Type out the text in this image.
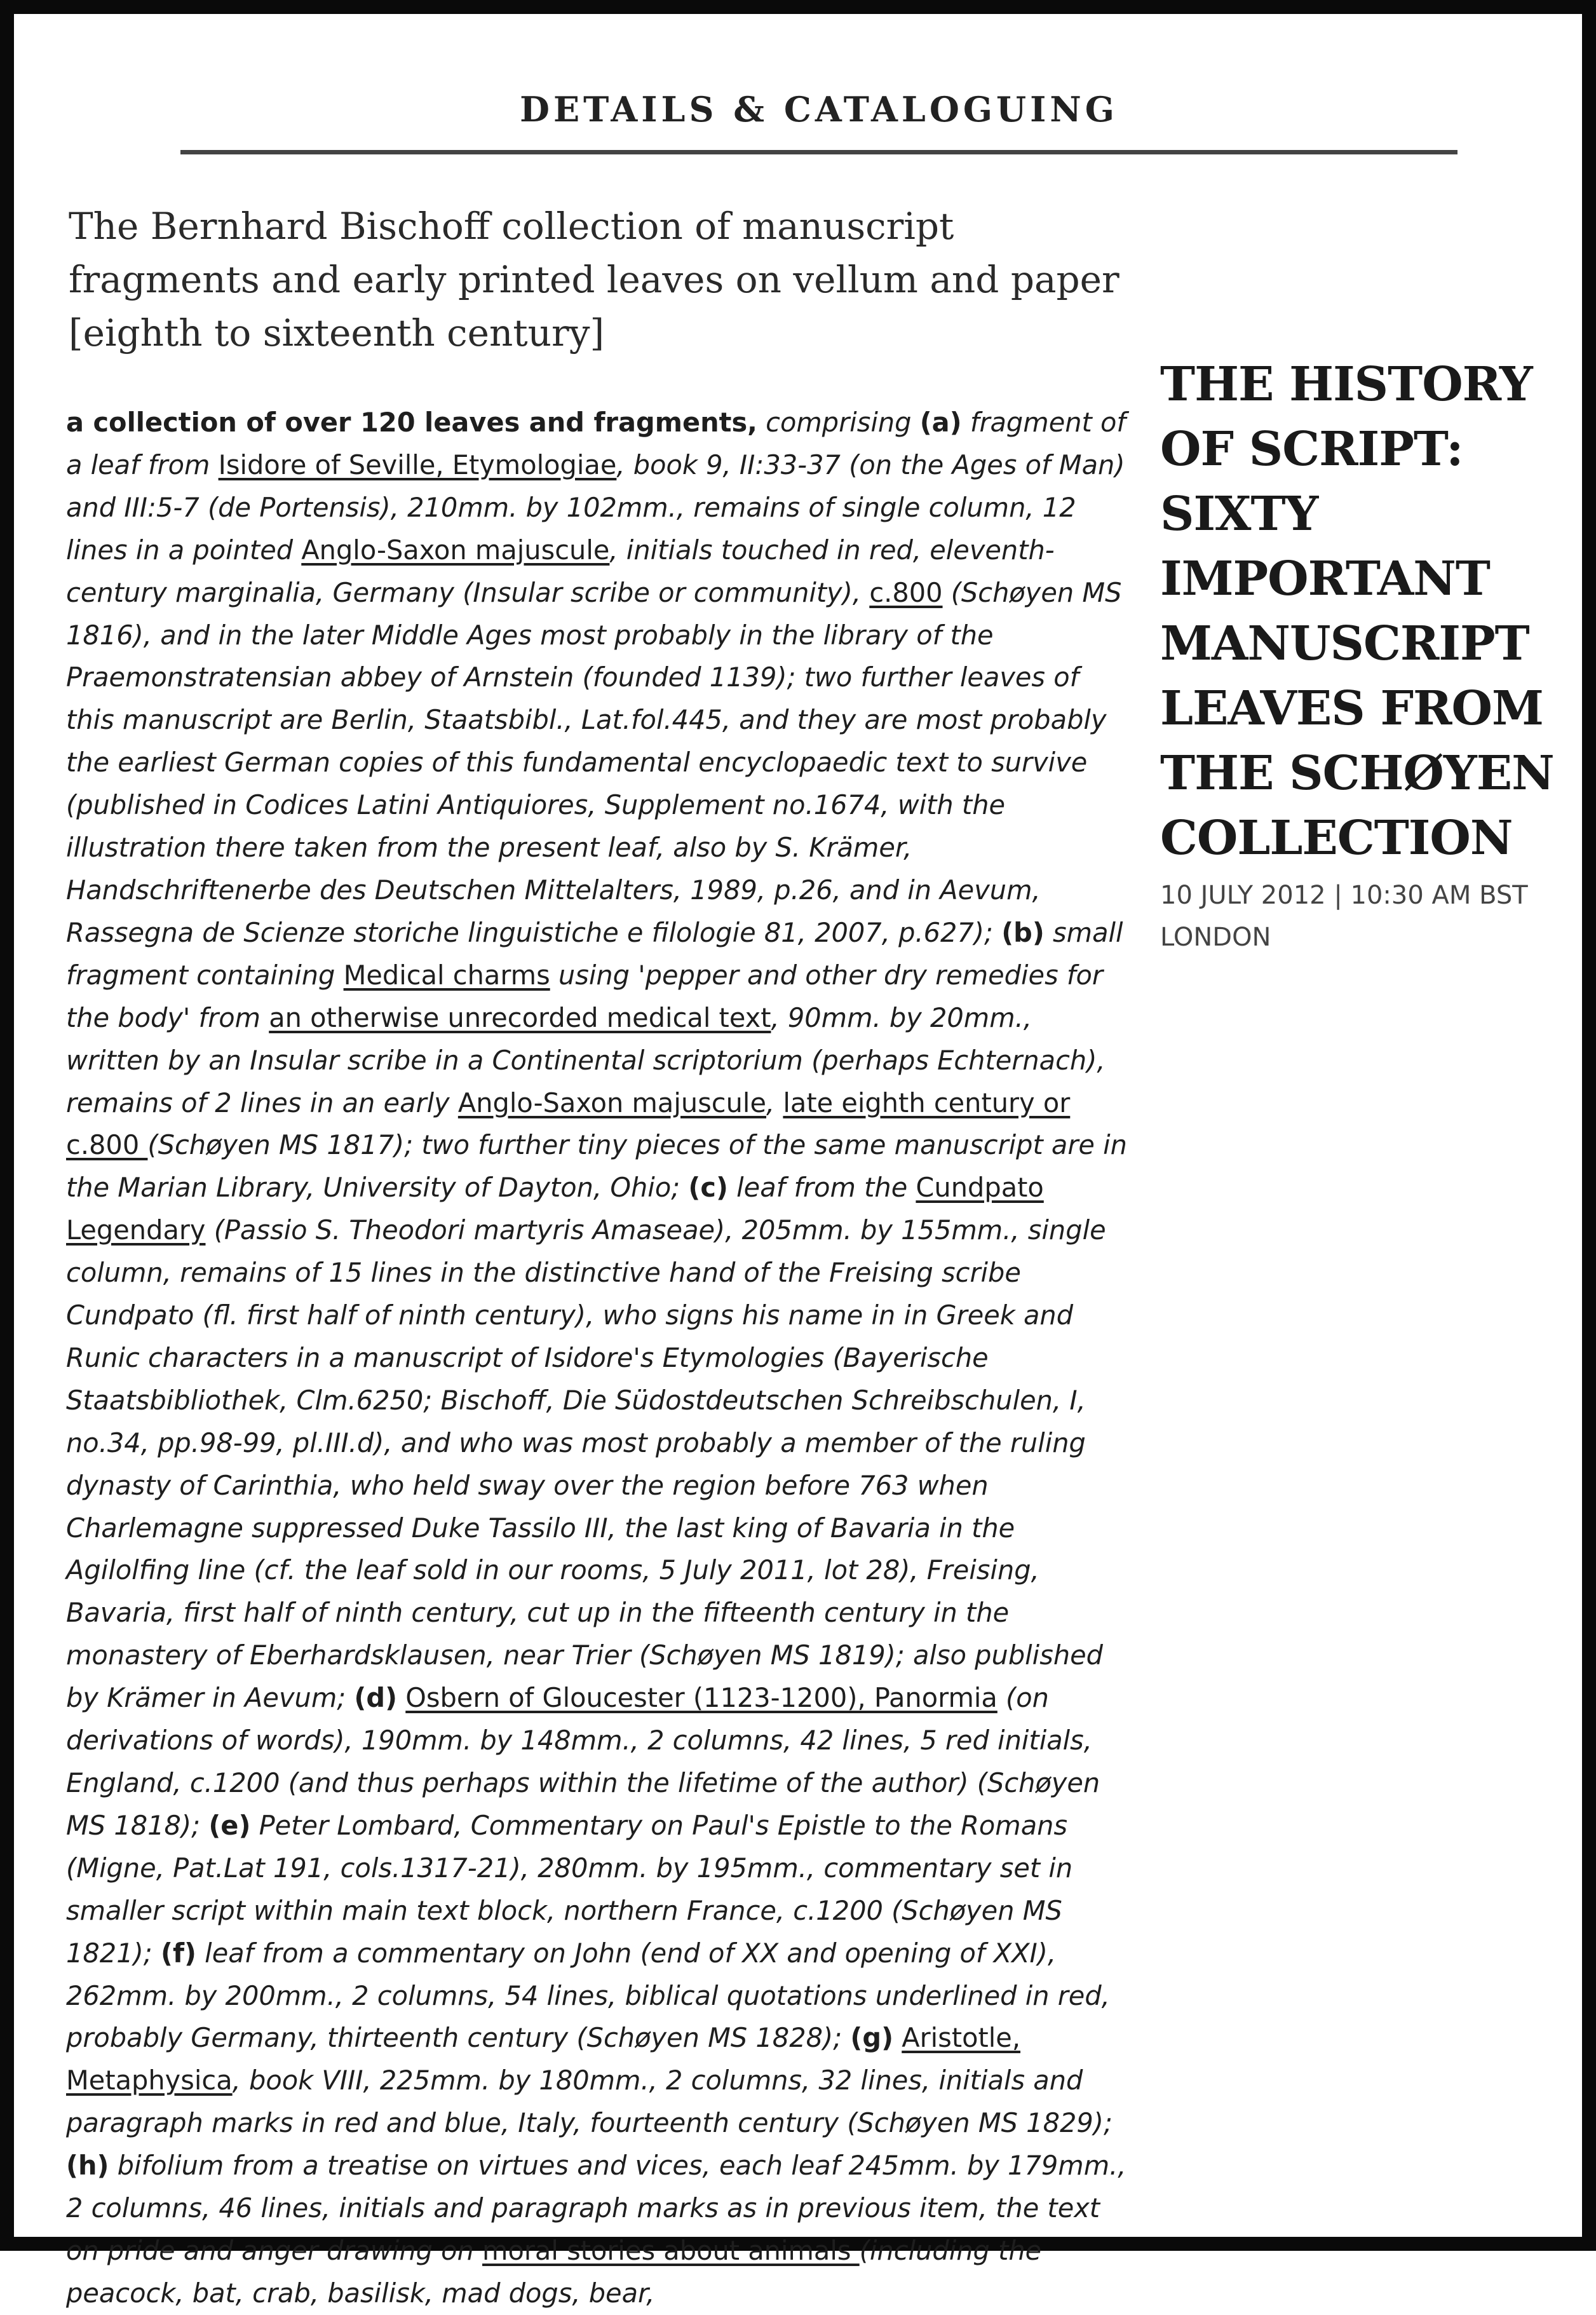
DETAILS & CATALOGUING
The Bernhard Bischoff collection of manuscript fragments and early printed leaves on vellum and paper [eighth to sixteenth century]

a collection of over 120 leaves and fragments, comprising (a) fragment of a leaf from Isidore of Seville, Etymologiae, book 9, II:33-37 (on the Ages of Man) and III:5-7 (de Portensis), 210mm. by 102mm., remains of single column, 12 lines in a pointed Anglo-Saxon majuscule, initials touched in red, eleventh-century marginalia, Germany (Insular scribe or community), c.800 (Schøyen MS 1816), and in the later Middle Ages most probably in the library of the Praemonstratensian abbey of Arnstein (founded 1139); two further leaves of this manuscript are Berlin, Staatsbibl., Lat.fol.445, and they are most probably the earliest German copies of this fundamental encyclopaedic text to survive (published in Codices Latini Antiquiores, Supplement no.1674, with the illustration there taken from the present leaf, also by S. Krämer, Handschriftenerbe des Deutschen Mittelalters, 1989, p.26, and in Aevum, Rassegna de Scienze storiche linguistiche e filologie 81, 2007, p.627); (b) small fragment containing Medical charms using 'pepper and other dry remedies for the body' from an otherwise unrecorded medical text, 90mm. by 20mm., written by an Insular scribe in a Continental scriptorium (perhaps Echternach), remains of 2 lines in an early Anglo-Saxon majuscule, late eighth century or c.800 (Schøyen MS 1817); two further tiny pieces of the same manuscript are in the Marian Library, University of Dayton, Ohio; (c) leaf from the Cundpato Legendary (Passio S. Theodori martyris Amaseae), 205mm. by 155mm., single column, remains of 15 lines in the distinctive hand of the Freising scribe Cundpato (fl. first half of ninth century), who signs his name in in Greek and Runic characters in a manuscript of Isidore's Etymologies (Bayerische Staatsbibliothek, Clm.6250; Bischoff, Die Südostdeutschen Schreibschulen, I, no.34, pp.98-99, pl.III.d), and who was most probably a member of the ruling dynasty of Carinthia, who held sway over the region before 763 when Charlemagne suppressed Duke Tassilo III, the last king of Bavaria in the Agilolfing line (cf. the leaf sold in our rooms, 5 July 2011, lot 28), Freising, Bavaria, first half of ninth century, cut up in the fifteenth century in the monastery of Eberhardsklausen, near Trier (Schøyen MS 1819); also published by Krämer in Aevum; (d) Osbern of Gloucester (1123-1200), Panormia (on derivations of words), 190mm. by 148mm., 2 columns, 42 lines, 5 red initials, England, c.1200 (and thus perhaps within the lifetime of the author) (Schøyen MS 1818); (e) Peter Lombard, Commentary on Paul's Epistle to the Romans (Migne, Pat.Lat 191, cols.1317-21), 280mm. by 195mm., commentary set in smaller script within main text block, northern France, c.1200 (Schøyen MS 1821); (f) leaf from a commentary on John (end of XX and opening of XXI), 262mm. by 200mm., 2 columns, 54 lines, biblical quotations underlined in red, probably Germany, thirteenth century (Schøyen MS 1828); (g) Aristotle, Metaphysica, book VIII, 225mm. by 180mm., 2 columns, 32 lines, initials and paragraph marks in red and blue, Italy, fourteenth century (Schøyen MS 1829); (h) bifolium from a treatise on virtues and vices, each leaf 245mm. by 179mm., 2 columns, 46 lines, initials and paragraph marks as in previous item, the text on pride and anger drawing on moral stories about animals (including the peacock, bat, crab, basilisk, mad dogs, bear,

THE HISTORY OF SCRIPT: SIXTY IMPORTANT MANUSCRIPT LEAVES FROM THE SCHØYEN COLLECTION
10 JULY 2012 | 10:30 AM BST
LONDON
